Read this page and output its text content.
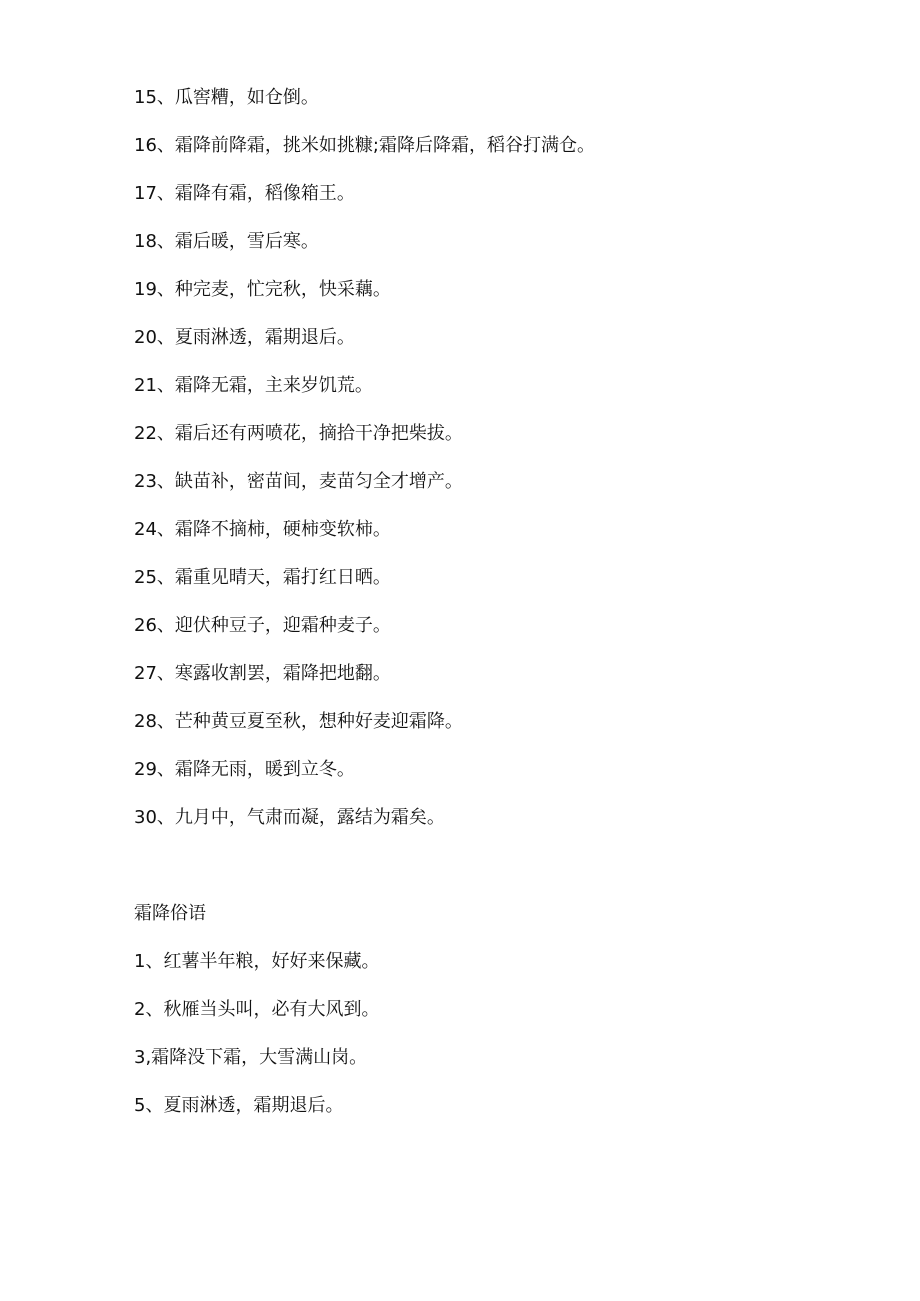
15、瓜窖糟，如仓倒。

16、霜降前降霜，挑米如挑糠;霜降后降霜，稻谷打满仓。

17、霜降有霜，稻像箱王。

18、霜后暖，雪后寒。

19、种完麦，忙完秋，快采藕。

20、夏雨淋透，霜期退后。

21、霜降无霜，主来岁饥荒。

22、霜后还有两喷花，摘拾干净把柴拔。

23、缺苗补，密苗间，麦苗匀全才增产。

24、霜降不摘柿，硬柿变软柿。

25、霜重见晴天，霜打红日晒。

26、迎伏种豆子，迎霜种麦子。

27、寒露收割罢，霜降把地翻。

28、芒种黄豆夏至秋，想种好麦迎霜降。

29、霜降无雨，暖到立冬。

30、九月中，气肃而凝，露结为霜矣。

霜降俗语

1、红薯半年粮，好好来保藏。

2、秋雁当头叫，必有大风到。

3,霜降没下霜，大雪满山岗。

5、夏雨淋透，霜期退后。
